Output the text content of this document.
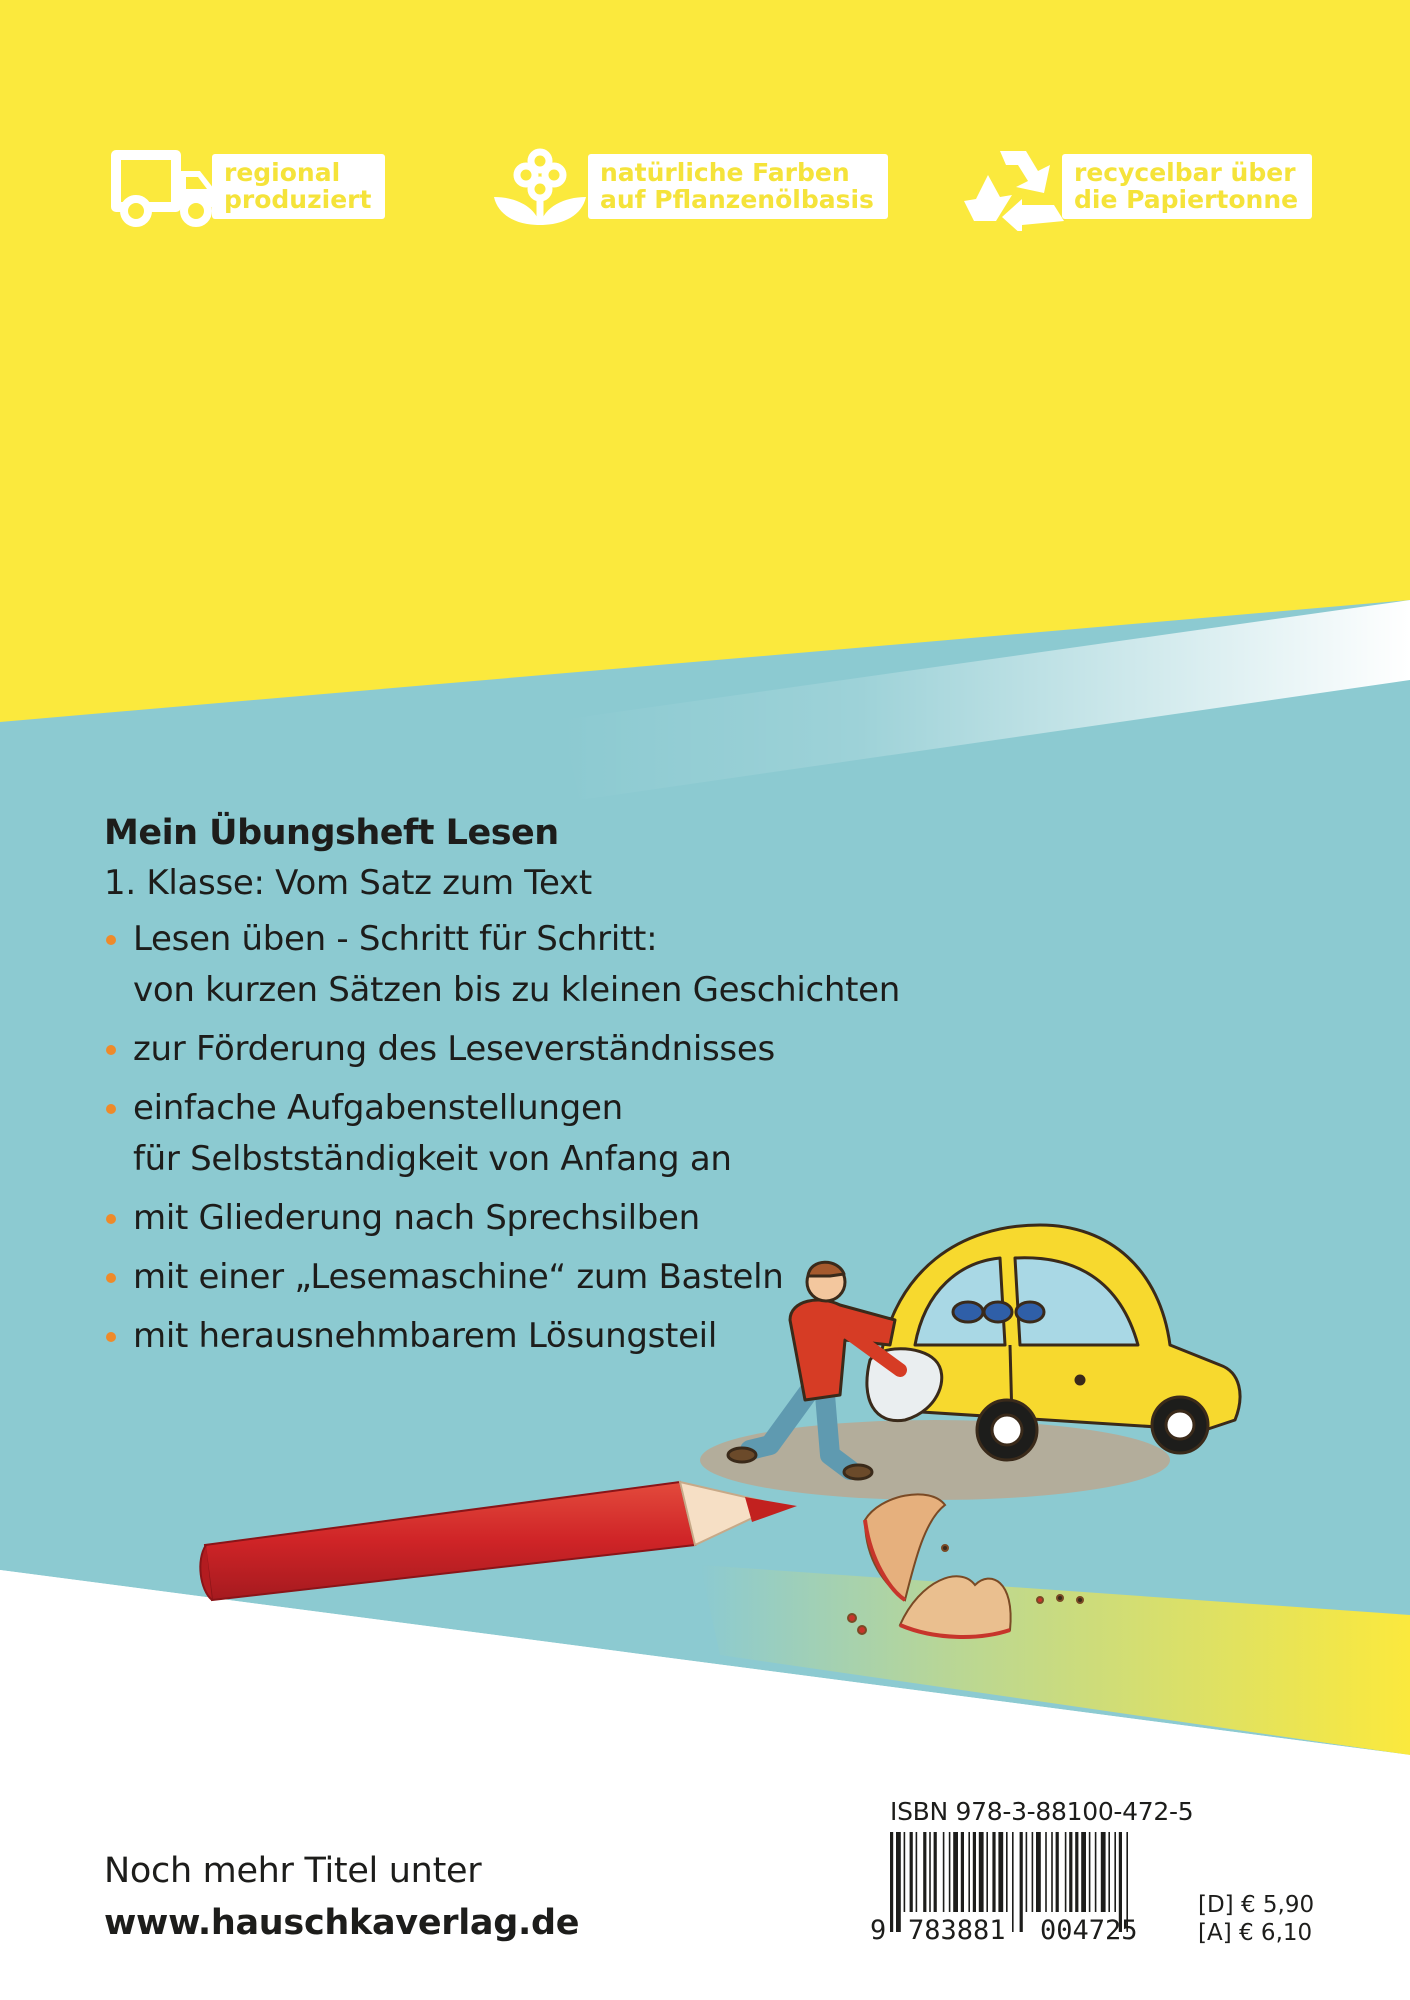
regional
produziert
natürliche Farben
auf Pflanzenölbasis
recycelbar über
die Papiertonne
Mein Übungsheft Lesen
1. Klasse: Vom Satz zum Text
Lesen üben - Schritt für Schritt:
von kurzen Sätzen bis zu kleinen Geschichten
zur Förderung des Leseverständnisses
einfache Aufgabenstellungen
für Selbstständigkeit von Anfang an
mit Gliederung nach Sprechsilben
mit einer „Lesemaschine“ zum Basteln
mit herausnehmbarem Lösungsteil
Noch mehr Titel unter
www.hauschkaverlag.de
ISBN 978-3-88100-472-5
9 783881 004725
[D] € 5,90
[A] € 6,10
